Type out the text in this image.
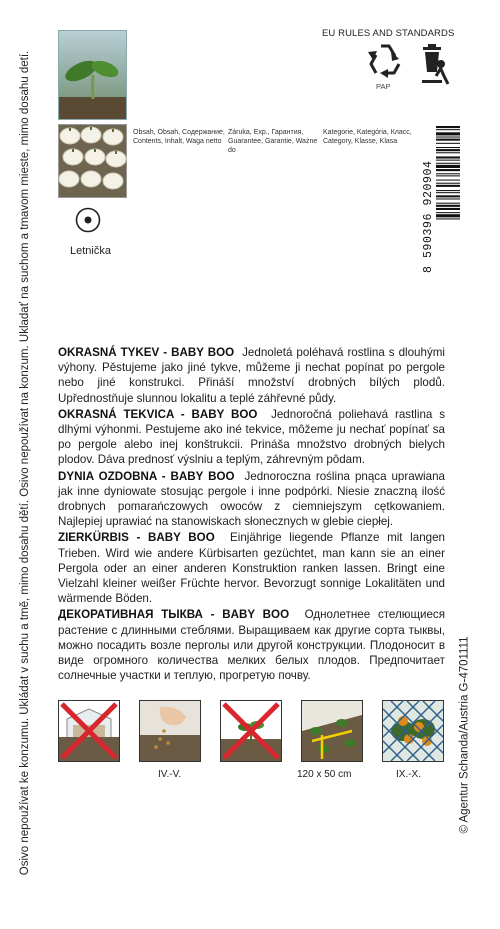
Osivo nepoužívat ke konzumu. Ukládat v suchu a tmě, mimo dosahu dětí. Osivo nepoužívat na konzum. Ukladať na suchom a tmavom mieste, mimo dosahu detí.	© Agentur Schanda/Austria G-4701111
EU RULES AND STANDARDS
PAP
Obsah, Obsah, Содержание, Contents, Inhalt, Waga netto
Záruka, Exp., Гарантия, Guarantee, Garantie, Ważne do
Kategorie, Kategória, Класс, Category, Klasse, Klasa
Letnička	8 590396 920904

OKRASNÁ TYKEV - BABY BOO Jednoletá poléhavá rostlina s dlouhými výhony. Pěstujeme jako jiné tykve, můžeme ji nechat popínat po pergole nebo jiné konstrukci. Přináší množství drobných bílých plodů. Upřednostňuje slunnou lokalitu a teplé záhřevné půdy.

OKRASNÁ TEKVICA - BABY BOO Jednoročná poliehavá rastlina s dlhými výhonmi. Pestujeme ako iné tekvice, môžeme ju nechať popínať sa po pergole alebo inej konštrukcii. Prináša množstvo drobných bielych plodov. Dáva prednosť výslniu a teplým, záhrevným pôdam.

DYNIA OZDOBNA - BABY BOO Jednoroczna roślina pnąca uprawiana jak inne dyniowate stosując pergole i inne podpórki. Niesie znaczną ilość drobnych pomarańczowych owoców z ciemniejszym cętkowaniem. Najlepiej uprawiać na stanowiskach słonecznych w glebie ciepłej.

ZIERKÜRBIS - BABY BOO Einjährige liegende Pflanze mit langen Trieben. Wird wie andere Kürbisarten gezüchtet, man kann sie an einer Pergola oder an einer anderen Konstruktion ranken lassen. Bringt eine Vielzahl kleiner weißer Früchte hervor. Bevorzugt sonnige Lokalitäten und wärmende Böden.

ДЕКОРАТИВНАЯ ТЫКВА - BABY BOO Однолетнее стелющиеся растение с длинными стеблями. Выращиваем как другие сорта тыквы, можно посадить возле перголы или другой конструкции. Плодоносит в виде огромного количества мелких белых плодов. Предпочитает солнечные участки и теплую, прогретую почву.

IV.-V.	120 x 50 cm	IX.-X.
